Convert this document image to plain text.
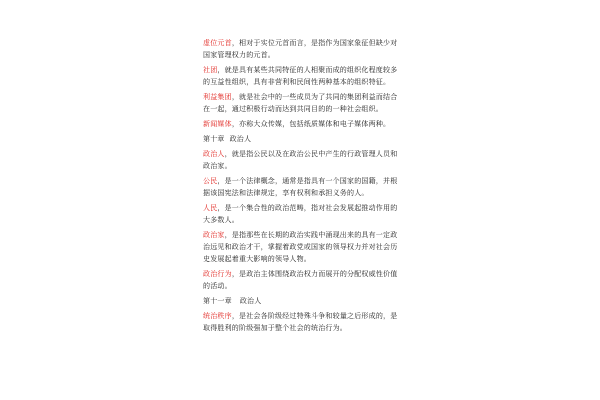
虚位元首，相对于实位元首而言，是指作为国家象征但缺少对国家管理权力的元首。
社团，就是具有某些共同特征的人相聚而成的组织化程度较多的互益性组织，具有非营利和民间性两种基本的组织特征。
利益集团，就是社会中的一些成员为了共同的集团利益而结合在一起，通过积极行动而达到共同目的的一种社会组织。
新闻媒体，亦称大众传媒，包括纸质媒体和电子媒体两种。
第十章 政治人
政治人，就是指公民以及在政治公民中产生的行政管理人员和政治家。
公民，是一个法律概念，通常是指具有一个国家的国籍，并根据该国宪法和法律规定，享有权利和承担义务的人。
人民，是一个集合性的政治范畴，指对社会发展起推动作用的大多数人。
政治家，是指那些在长期的政治实践中涌现出来的具有一定政治远见和政治才干，掌握着政党或国家的领导权力并对社会历史发展起着重大影响的领导人物。
政治行为，是政治主体围绕政治权力而展开的分配权威性价值的活动。
第十一章 政治人
统治秩序，是社会各阶级经过特殊斗争和较量之后形成的，是取得胜利的阶级强加于整个社会的统治行为。
